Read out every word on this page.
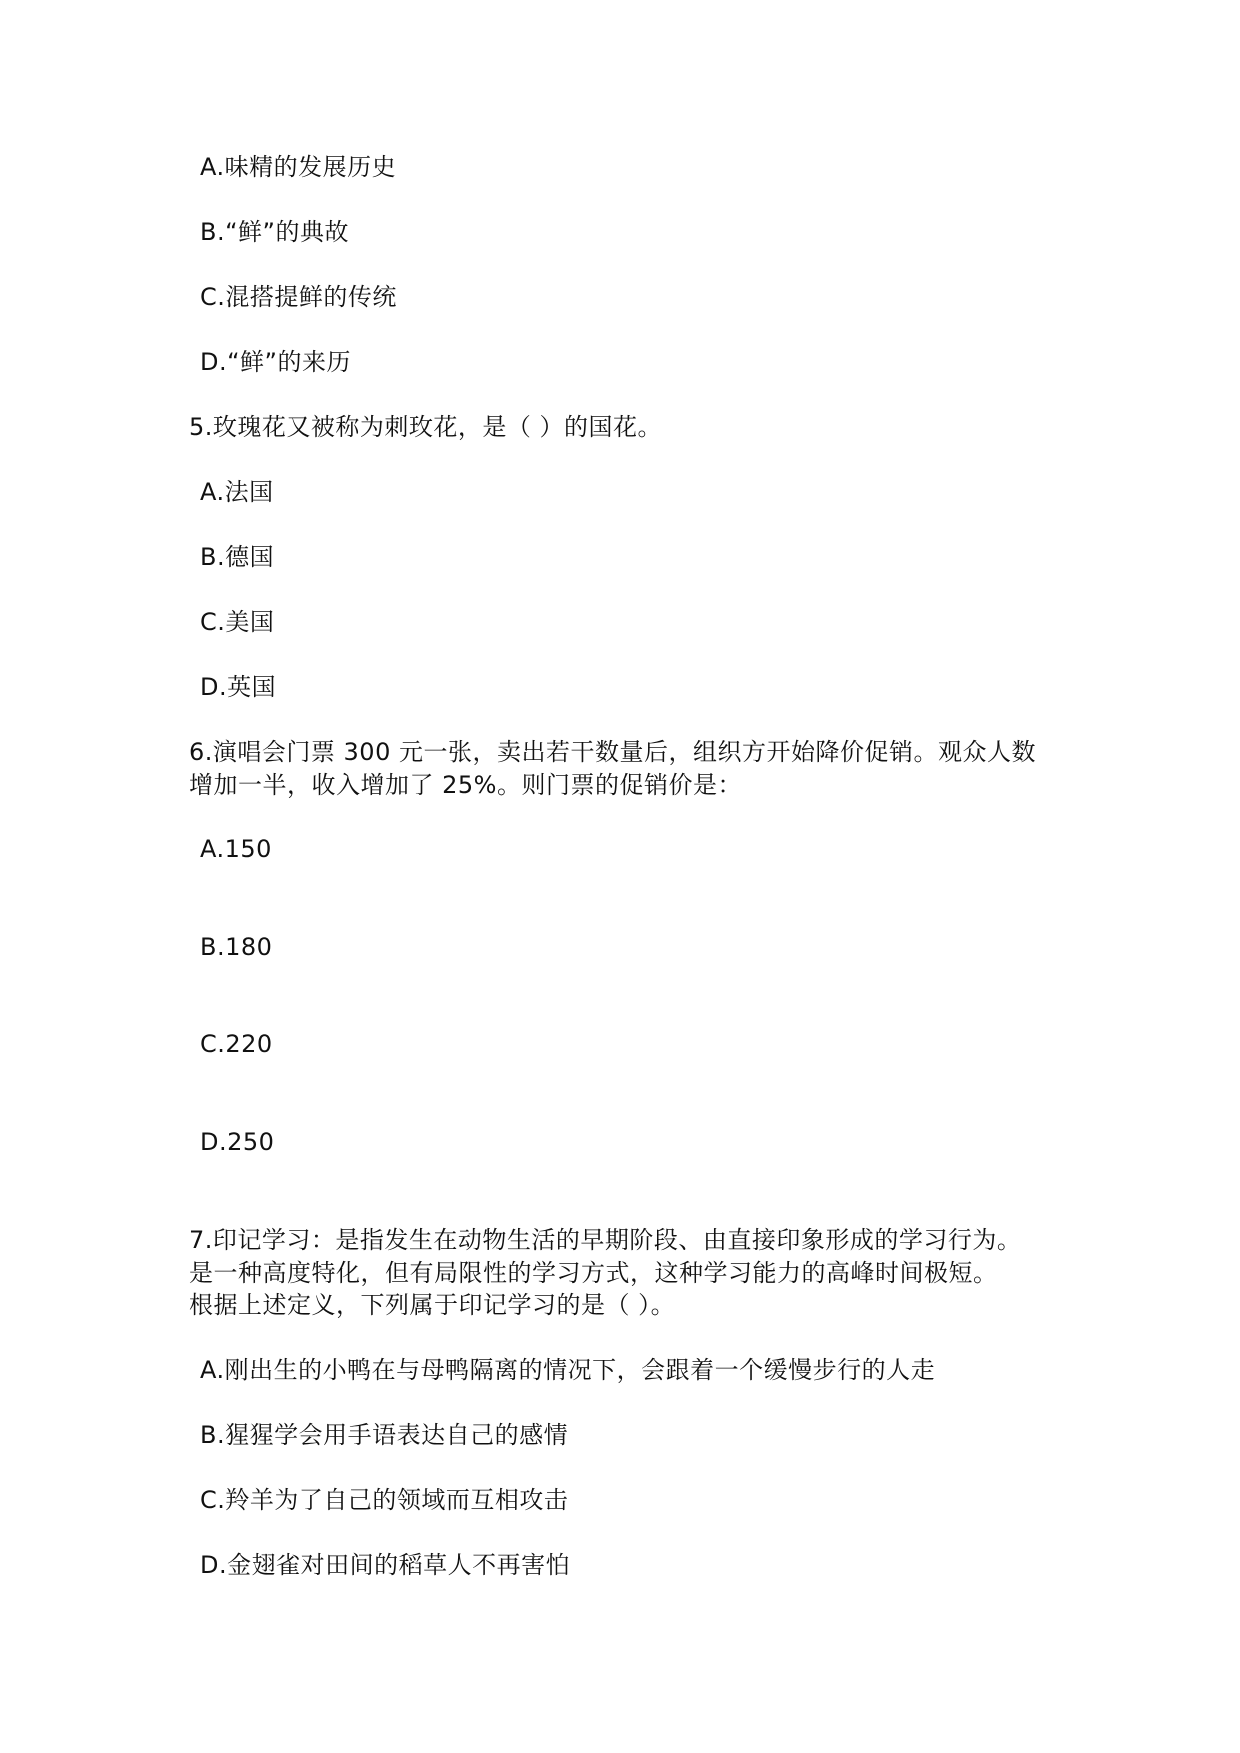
A.味精的发展历史
B.“鲜”的典故
C.混搭提鲜的传统
D.“鲜”的来历
5.玫瑰花又被称为刺玫花，是（ ）的国花。
A.法国
B.德国
C.美国
D.英国
6.演唱会门票 300 元一张，卖出若干数量后，组织方开始降价促销。观众人数
增加一半，收入增加了 25%。则门票的促销价是：
A.150
B.180
C.220
D.250
7.印记学习：是指发生在动物生活的早期阶段、由直接印象形成的学习行为。
是一种高度特化，但有局限性的学习方式，这种学习能力的高峰时间极短。
根据上述定义，下列属于印记学习的是（ ）。
A.刚出生的小鸭在与母鸭隔离的情况下，会跟着一个缓慢步行的人走
B.猩猩学会用手语表达自己的感情
C.羚羊为了自己的领域而互相攻击
D.金翅雀对田间的稻草人不再害怕
